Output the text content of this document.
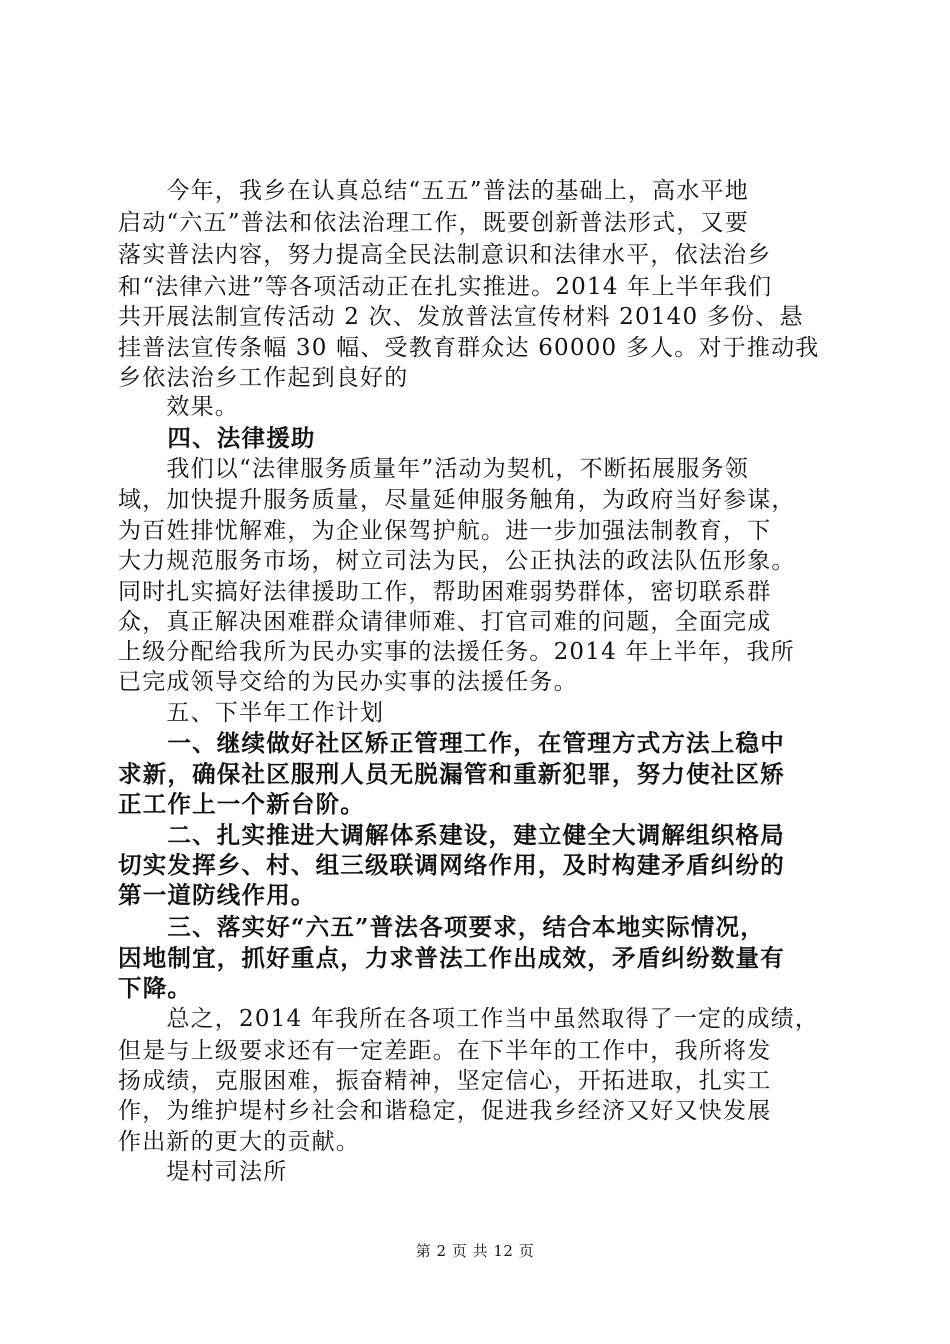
　　今年，我乡在认真总结“五五”普法的基础上，高水平地
启动“六五”普法和依法治理工作，既要创新普法形式，又要
落实普法内容，努力提高全民法制意识和法律水平，依法治乡
和“法律六进”等各项活动正在扎实推进。2014 年上半年我们
共开展法制宣传活动 2 次、发放普法宣传材料 20140 多份、悬
挂普法宣传条幅 30 幅、受教育群众达 60000 多人。对于推动我
乡依法治乡工作起到良好的
　　效果。
　　四、法律援助
　　我们以“法律服务质量年”活动为契机，不断拓展服务领
域，加快提升服务质量，尽量延伸服务触角，为政府当好参谋，
为百姓排忧解难，为企业保驾护航。进一步加强法制教育，下
大力规范服务市场，树立司法为民，公正执法的政法队伍形象。
同时扎实搞好法律援助工作，帮助困难弱势群体，密切联系群
众，真正解决困难群众请律师难、打官司难的问题，全面完成
上级分配给我所为民办实事的法援任务。2014 年上半年，我所
已完成领导交给的为民办实事的法援任务。
　　五、下半年工作计划
　　一、继续做好社区矫正管理工作，在管理方式方法上稳中
求新，确保社区服刑人员无脱漏管和重新犯罪，努力使社区矫
正工作上一个新台阶。
　　二、扎实推进大调解体系建设，建立健全大调解组织格局
切实发挥乡、村、组三级联调网络作用，及时构建矛盾纠纷的
第一道防线作用。
　　三、落实好“六五”普法各项要求，结合本地实际情况，
因地制宜，抓好重点，力求普法工作出成效，矛盾纠纷数量有
下降。
　　总之，2014 年我所在各项工作当中虽然取得了一定的成绩，
但是与上级要求还有一定差距。在下半年的工作中，我所将发
扬成绩，克服困难，振奋精神，坚定信心，开拓进取，扎实工
作，为维护堤村乡社会和谐稳定，促进我乡经济又好又快发展
作出新的更大的贡献。
　　堤村司法所
第 2 页 共 12 页
